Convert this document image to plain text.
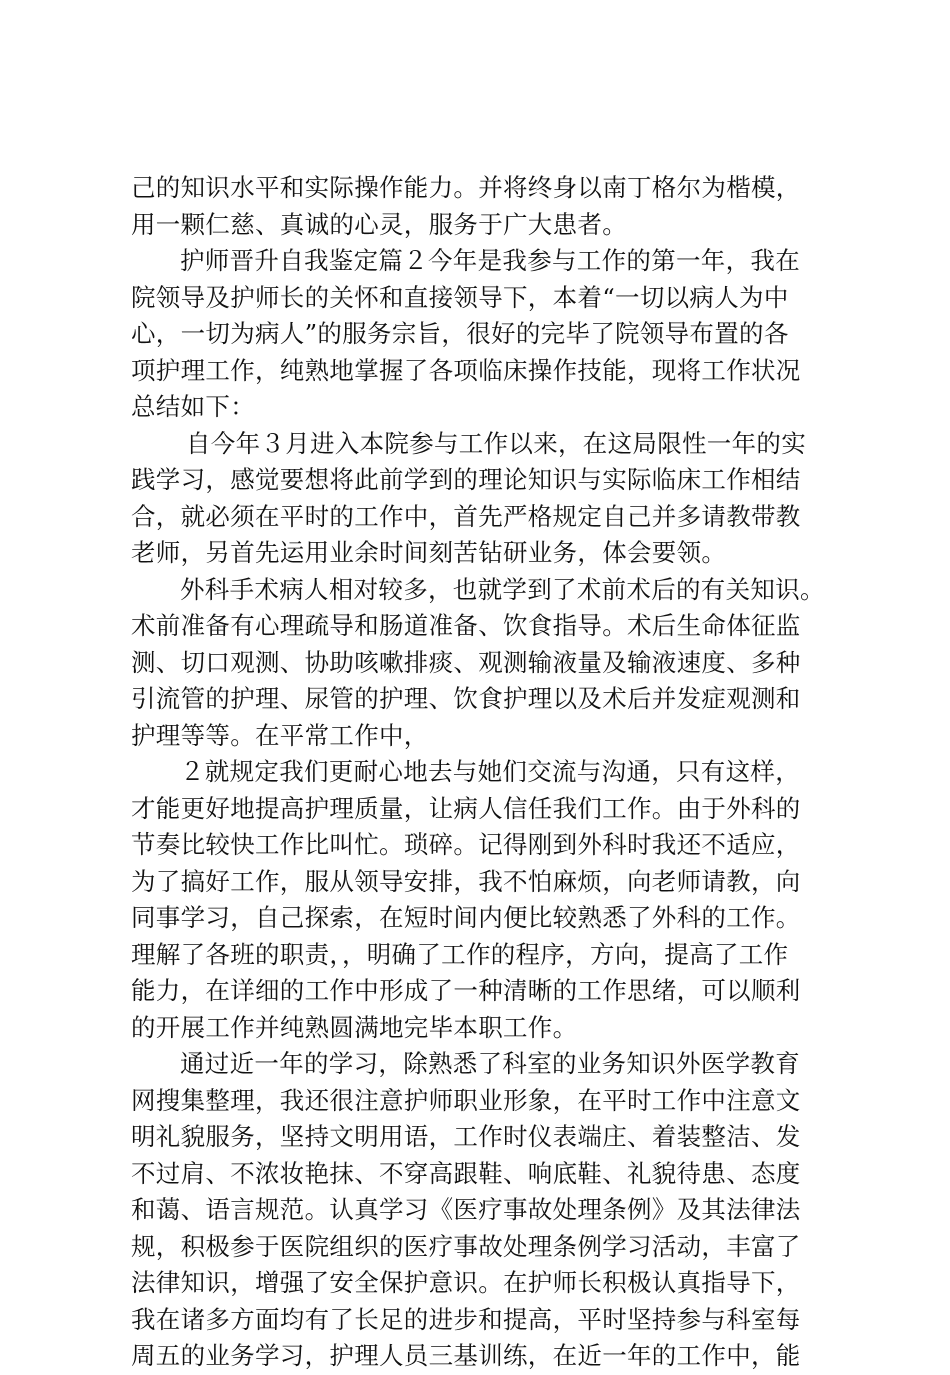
己的知识水平和实际操作能力。并将终身以南丁格尔为楷模，
用一颗仁慈、真诚的心灵，服务于广大患者。
护师晋升自我鉴定篇２今年是我参与工作的第一年，我在
院领导及护师长的关怀和直接领导下，本着“一切以病人为中
心，一切为病人”的服务宗旨，很好的完毕了院领导布置的各
项护理工作，纯熟地掌握了各项临床操作技能，现将工作状况
总结如下：
自今年３月进入本院参与工作以来，在这局限性一年的实
践学习，感觉要想将此前学到的理论知识与实际临床工作相结
合，就必须在平时的工作中，首先严格规定自己并多请教带教
老师，另首先运用业余时间刻苦钻研业务，体会要领。
外科手术病人相对较多，也就学到了术前术后的有关知识。
术前准备有心理疏导和肠道准备、饮食指导。术后生命体征监
测、切口观测、协助咳嗽排痰、观测输液量及输液速度、多种
引流管的护理、尿管的护理、饮食护理以及术后并发症观测和
护理等等。在平常工作中，
２就规定我们更耐心地去与她们交流与沟通，只有这样，
才能更好地提高护理质量，让病人信任我们工作。由于外科的
节奏比较快工作比叫忙。琐碎。记得刚到外科时我还不适应，
为了搞好工作，服从领导安排，我不怕麻烦，向老师请教，向
同事学习，自己探索，在短时间内便比较熟悉了外科的工作。
理解了各班的职责，，明确了工作的程序，方向，提高了工作
能力，在详细的工作中形成了一种清晰的工作思绪，可以顺利
的开展工作并纯熟圆满地完毕本职工作。
通过近一年的学习，除熟悉了科室的业务知识外医学教育
网搜集整理，我还很注意护师职业形象，在平时工作中注意文
明礼貌服务，坚持文明用语，工作时仪表端庄、着装整洁、发
不过肩、不浓妆艳抹、不穿高跟鞋、响底鞋、礼貌待患、态度
和蔼、语言规范。认真学习《医疗事故处理条例》及其法律法
规，积极参于医院组织的医疗事故处理条例学习活动，丰富了
法律知识，增强了安全保护意识。在护师长积极认真指导下，
我在诸多方面均有了长足的进步和提高，平时坚持参与科室每
周五的业务学习，护理人员三基训练，在近一年的工作中，能
